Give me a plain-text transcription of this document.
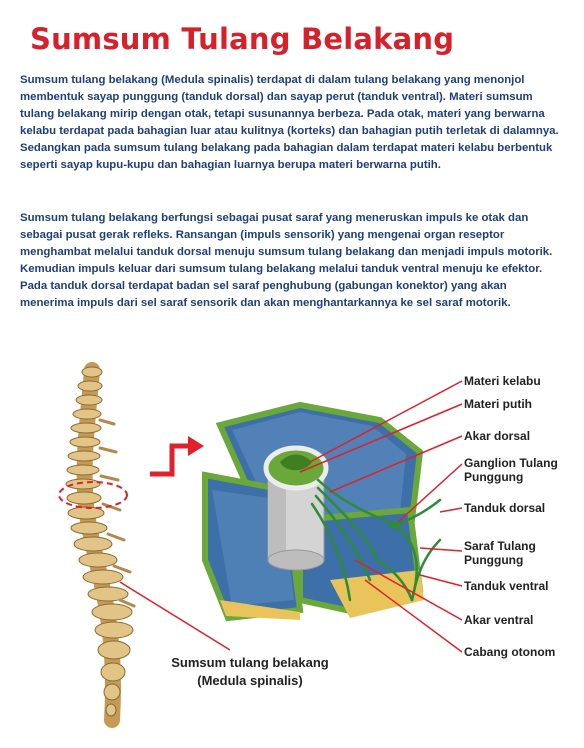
Sumsum Tulang Belakang

Sumsum tulang belakang (Medula spinalis) terdapat di dalam tulang belakang yang menonjol membentuk sayap punggung (tanduk dorsal) dan sayap perut (tanduk ventral). Materi sumsum tulang belakang mirip dengan otak, tetapi susunannya berbeza. Pada otak, materi yang berwarna kelabu terdapat pada bahagian luar atau kulitnya (korteks) dan bahagian putih terletak di dalamnya. Sedangkan pada sumsum tulang belakang pada bahagian dalam terdapat materi kelabu berbentuk seperti sayap kupu-kupu dan bahagian luarnya berupa materi berwarna putih.

Sumsum tulang belakang berfungsi sebagai pusat saraf yang meneruskan impuls ke otak dan sebagai pusat gerak refleks. Ransangan (impuls sensorik) yang mengenai organ reseptor menghambat melalui tanduk dorsal menuju sumsum tulang belakang dan menjadi impuls motorik. Kemudian impuls keluar dari sumsum tulang belakang melalui tanduk ventral menuju ke efektor. Pada tanduk dorsal terdapat badan sel saraf penghubung (gabungan konektor) yang akan menerima impuls dari sel saraf sensorik dan akan menghantarkannya ke sel saraf motorik.

Materi kelabu
Materi putih
Akar dorsal
Ganglion Tulang
Punggung
Tanduk dorsal
Saraf Tulang
Punggung
Tanduk ventral
Akar ventral
Cabang otonom
Sumsum tulang belakang
(Medula spinalis)
